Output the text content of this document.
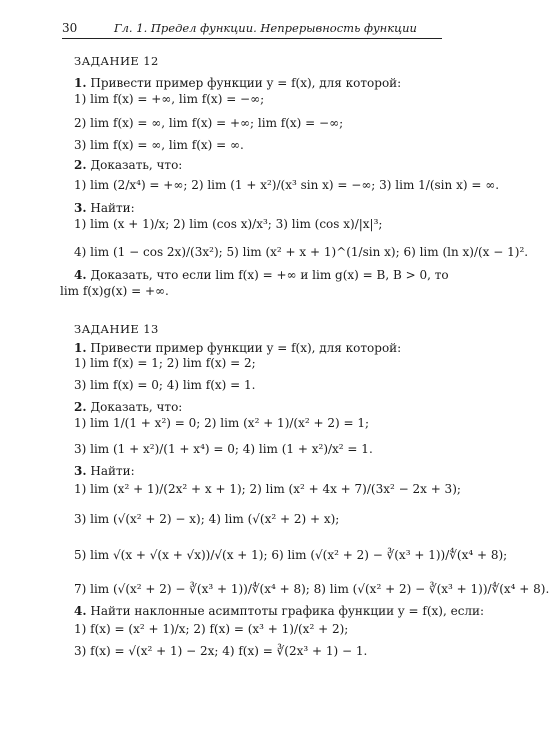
30	Гл. 1. Предел функции. Непрерывность функции
ЗАДАНИЕ 12
1. Привести пример функции y = f(x), для которой:
1) lim f(x) = +∞, lim f(x) = −∞;
2) lim f(x) = ∞, lim f(x) = +∞; lim f(x) = −∞;
3) lim f(x) = ∞, lim f(x) = ∞.
2. Доказать, что:
1) lim (2/x⁴) = +∞; 2) lim (1 + x²)/(x³ sin x) = −∞; 3) lim 1/(sin x) = ∞.
3. Найти:
1) lim (x + 1)/x; 2) lim (cos x)/x³; 3) lim (cos x)/|x|³;
4) lim (1 − cos 2x)/(3x²); 5) lim (x² + x + 1)^(1/sin x); 6) lim (ln x)/(x − 1)².
4. Доказать, что если lim f(x) = +∞ и lim g(x) = B, B > 0, то
lim f(x)g(x) = +∞.
ЗАДАНИЕ 13
1. Привести пример функции y = f(x), для которой:
1) lim f(x) = 1; 2) lim f(x) = 2;
3) lim f(x) = 0; 4) lim f(x) = 1.
2. Доказать, что:
1) lim 1/(1 + x²) = 0; 2) lim (x² + 1)/(x² + 2) = 1;
3) lim (1 + x²)/(1 + x⁴) = 0; 4) lim (1 + x²)/x² = 1.
3. Найти:
1) lim (x² + 1)/(2x² + x + 1); 2) lim (x² + 4x + 7)/(3x² − 2x + 3);
3) lim (√(x² + 2) − x); 4) lim (√(x² + 2) + x);
5) lim √(x + √(x + √x))/√(x + 1); 6) lim (√(x² + 2) − ∛(x³ + 1))/∜(x⁴ + 8);
7) lim (√(x² + 2) − ∛(x³ + 1))/∜(x⁴ + 8); 8) lim (√(x² + 2) − ∛(x³ + 1))/∜(x⁴ + 8).
4. Найти наклонные асимптоты графика функции y = f(x), если:
1) f(x) = (x² + 1)/x; 2) f(x) = (x³ + 1)/(x² + 2);
3) f(x) = √(x² + 1) − 2x; 4) f(x) = ∛(2x³ + 1) − 1.
